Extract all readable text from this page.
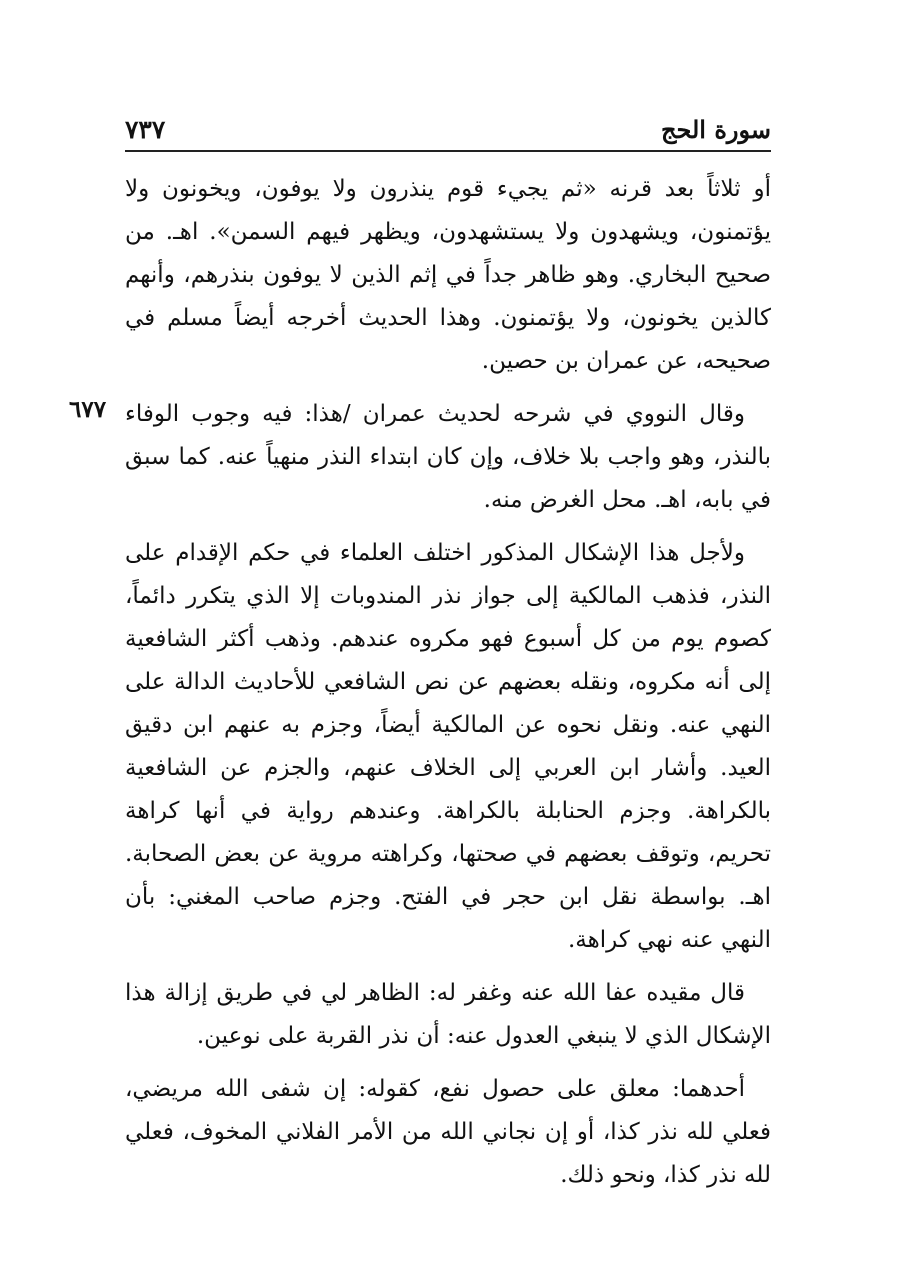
سورة الحج
٧٣٧
٦٧٧

أو ثلاثاً بعد قرنه «ثم يجيء قوم ينذرون ولا يوفون، ويخونون ولا يؤتمنون، ويشهدون ولا يستشهدون، ويظهر فيهم السمن». اهـ. من صحيح البخاري. وهو ظاهر جداً في إثم الذين لا يوفون بنذرهم، وأنهم كالذين يخونون، ولا يؤتمنون. وهذا الحديث أخرجه أيضاً مسلم في صحيحه، عن عمران بن حصين.

وقال النووي في شرحه لحديث عمران /هذا: فيه وجوب الوفاء بالنذر، وهو واجب بلا خلاف، وإن كان ابتداء النذر منهياً عنه. كما سبق في بابه، اهـ. محل الغرض منه.

ولأجل هذا الإشكال المذكور اختلف العلماء في حكم الإقدام على النذر، فذهب المالكية إلى جواز نذر المندوبات إلا الذي يتكرر دائماً، كصوم يوم من كل أسبوع فهو مكروه عندهم. وذهب أكثر الشافعية إلى أنه مكروه، ونقله بعضهم عن نص الشافعي للأحاديث الدالة على النهي عنه. ونقل نحوه عن المالكية أيضاً، وجزم به عنهم ابن دقيق العيد. وأشار ابن العربي إلى الخلاف عنهم، والجزم عن الشافعية بالكراهة. وجزم الحنابلة بالكراهة. وعندهم رواية في أنها كراهة تحريم، وتوقف بعضهم في صحتها، وكراهته مروية عن بعض الصحابة. اهـ. بواسطة نقل ابن حجر في الفتح. وجزم صاحب المغني: بأن النهي عنه نهي كراهة.

قال مقيده عفا الله عنه وغفر له: الظاهر لي في طريق إزالة هذا الإشكال الذي لا ينبغي العدول عنه: أن نذر القربة على نوعين.

أحدهما: معلق على حصول نفع، كقوله: إن شفى الله مريضي، فعلي لله نذر كذا، أو إن نجاني الله من الأمر الفلاني المخوف، فعلي لله نذر كذا، ونحو ذلك.
